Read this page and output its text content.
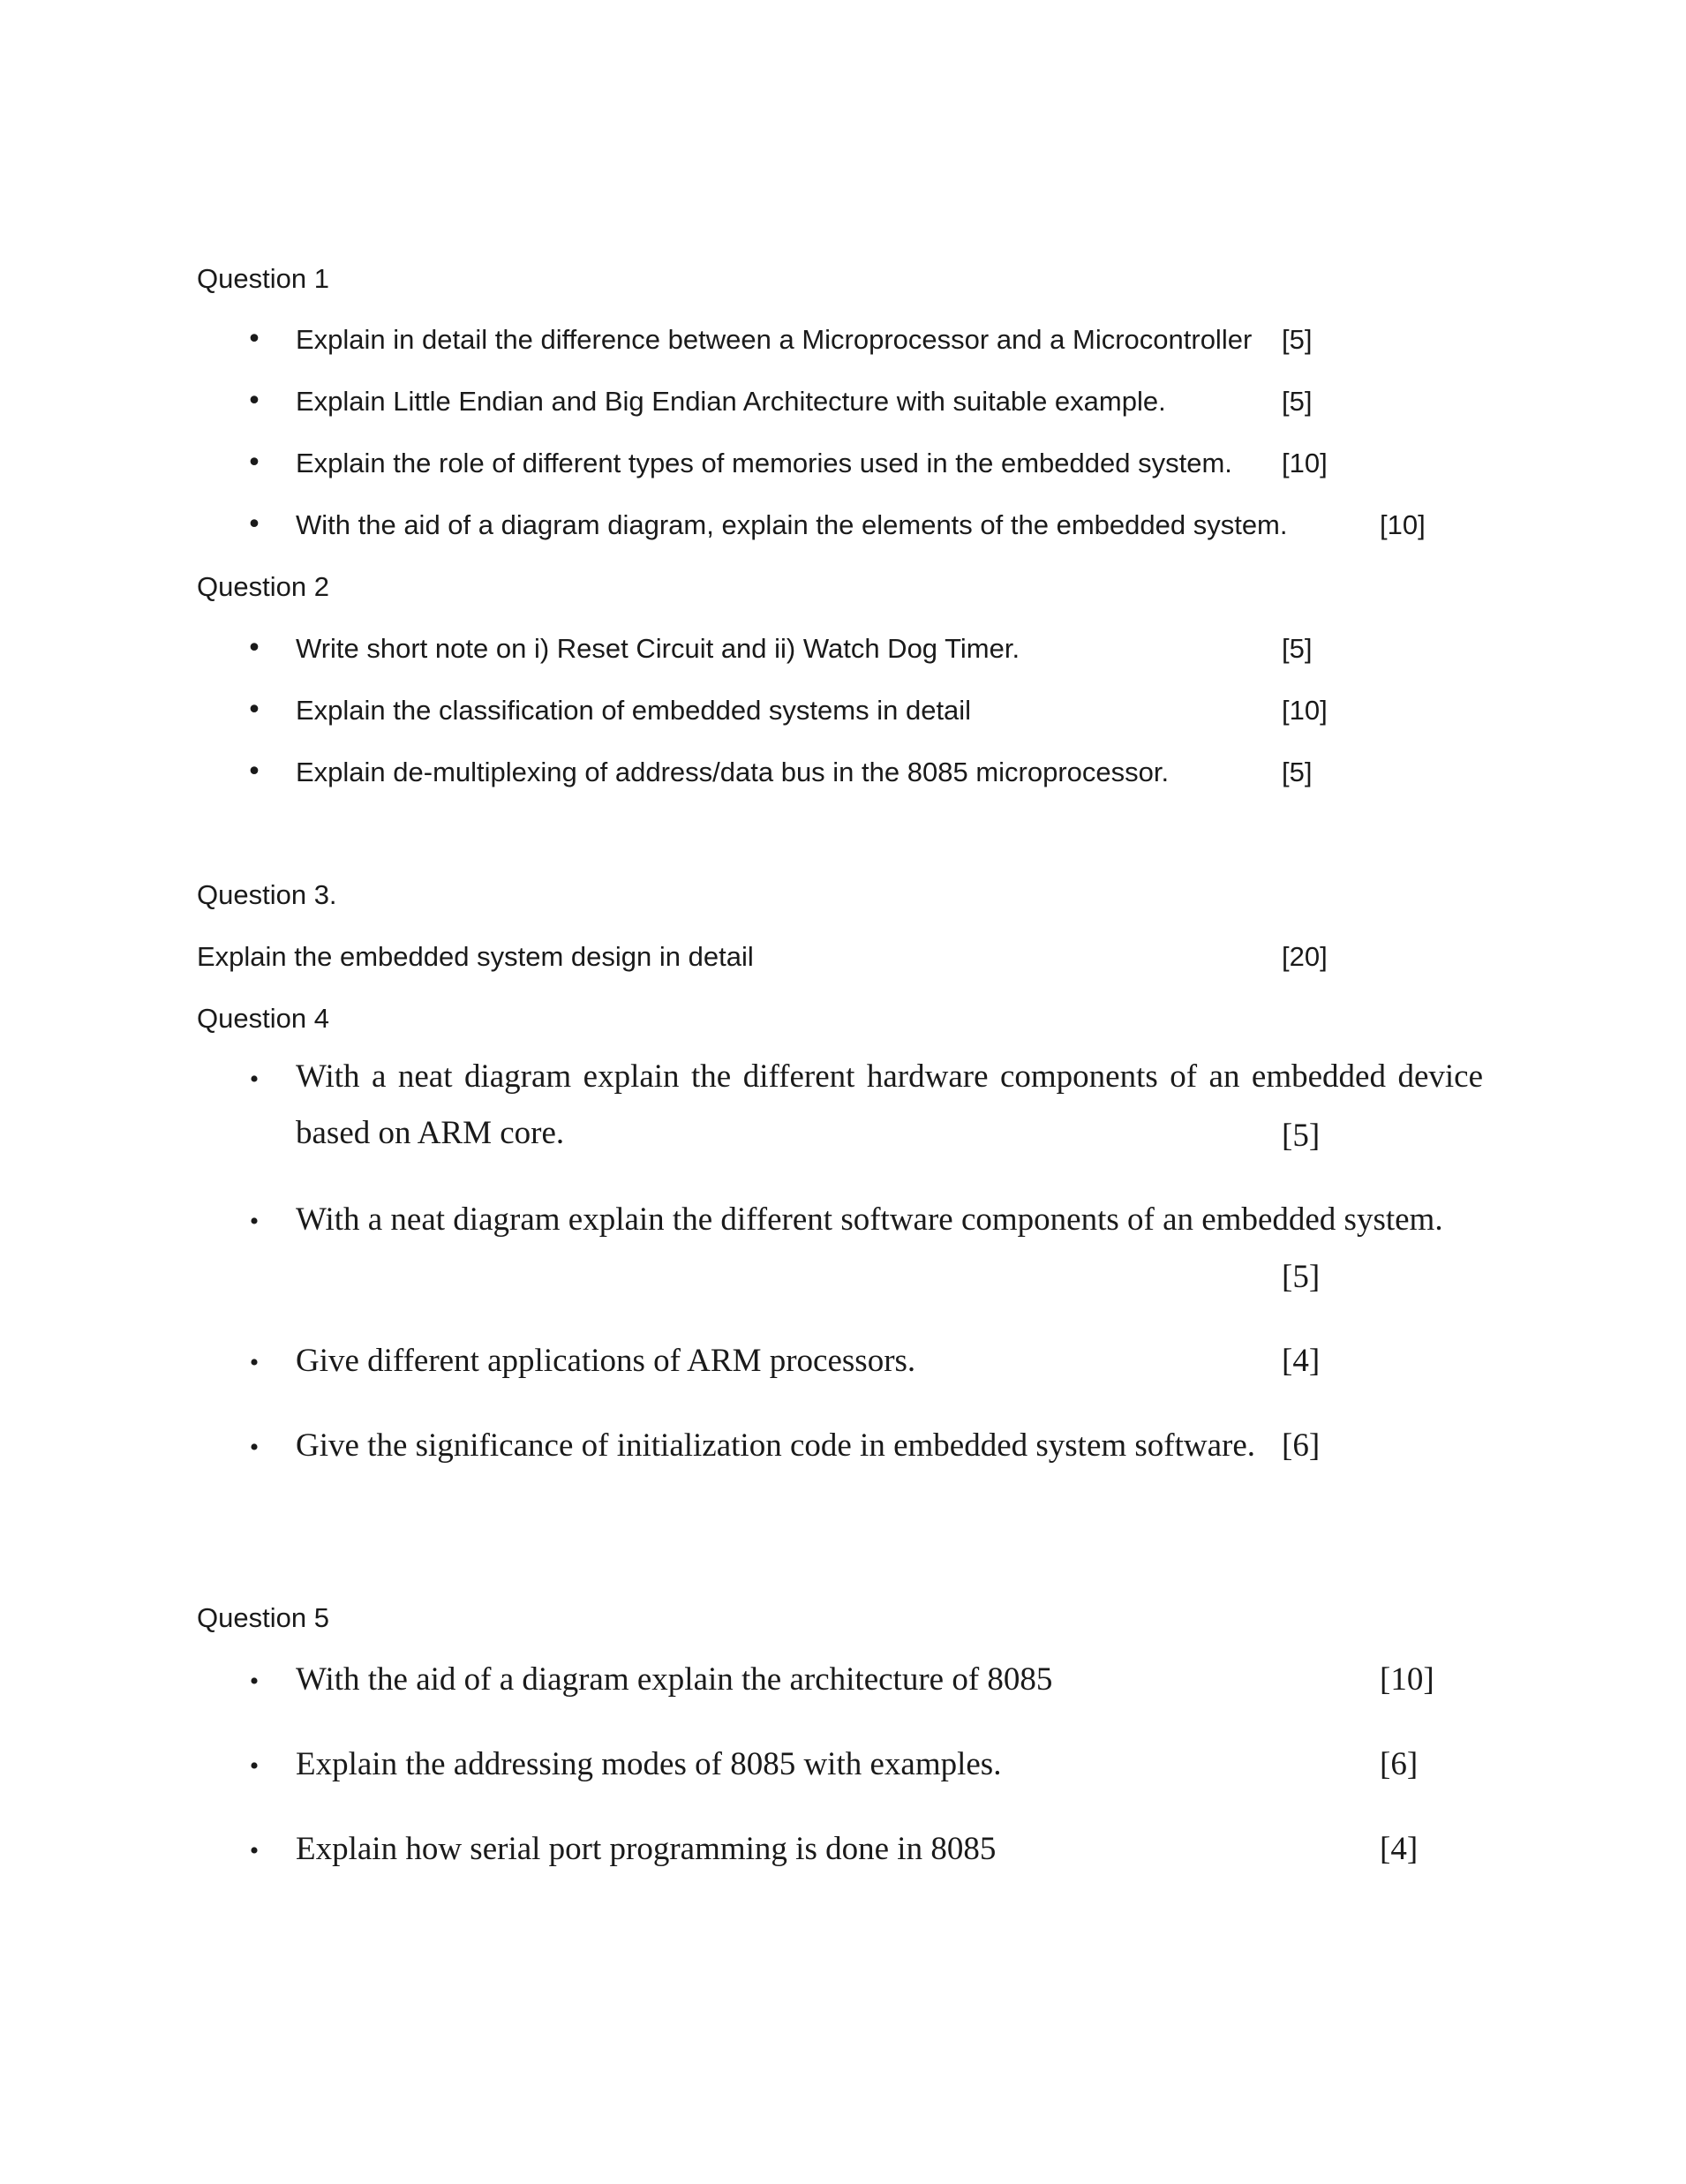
Question 1
• Explain in detail the difference between a Microprocessor and a Microcontroller [5]
• Explain Little Endian and Big Endian Architecture with suitable example.	[5]
• Explain the role of different types of memories used in the embedded system. [10]
• With the aid of a diagram diagram, explain the elements of the embedded system.	[10]
Question 2
• Write short note on i) Reset Circuit and ii) Watch Dog Timer.	[5]
• Explain the classification of embedded systems in detail	[10]
• Explain de-multiplexing of address/data bus in the 8085 microprocessor.	[5]
Question 3.
Explain the embedded system design in detail	[20]
Question 4
• With a neat diagram explain the different hardware components of an embedded device based on ARM core.	[5]
• With a neat diagram explain the different software components of an embedded system.
[5]
• Give different applications of ARM processors.	[4]
• Give the significance of initialization code in embedded system software. [6]
Question 5
• With the aid of a diagram explain the architecture of 8085	[10]
• Explain the addressing modes of 8085 with examples.	[6]
• Explain how serial port programming is done in 8085	[4]
